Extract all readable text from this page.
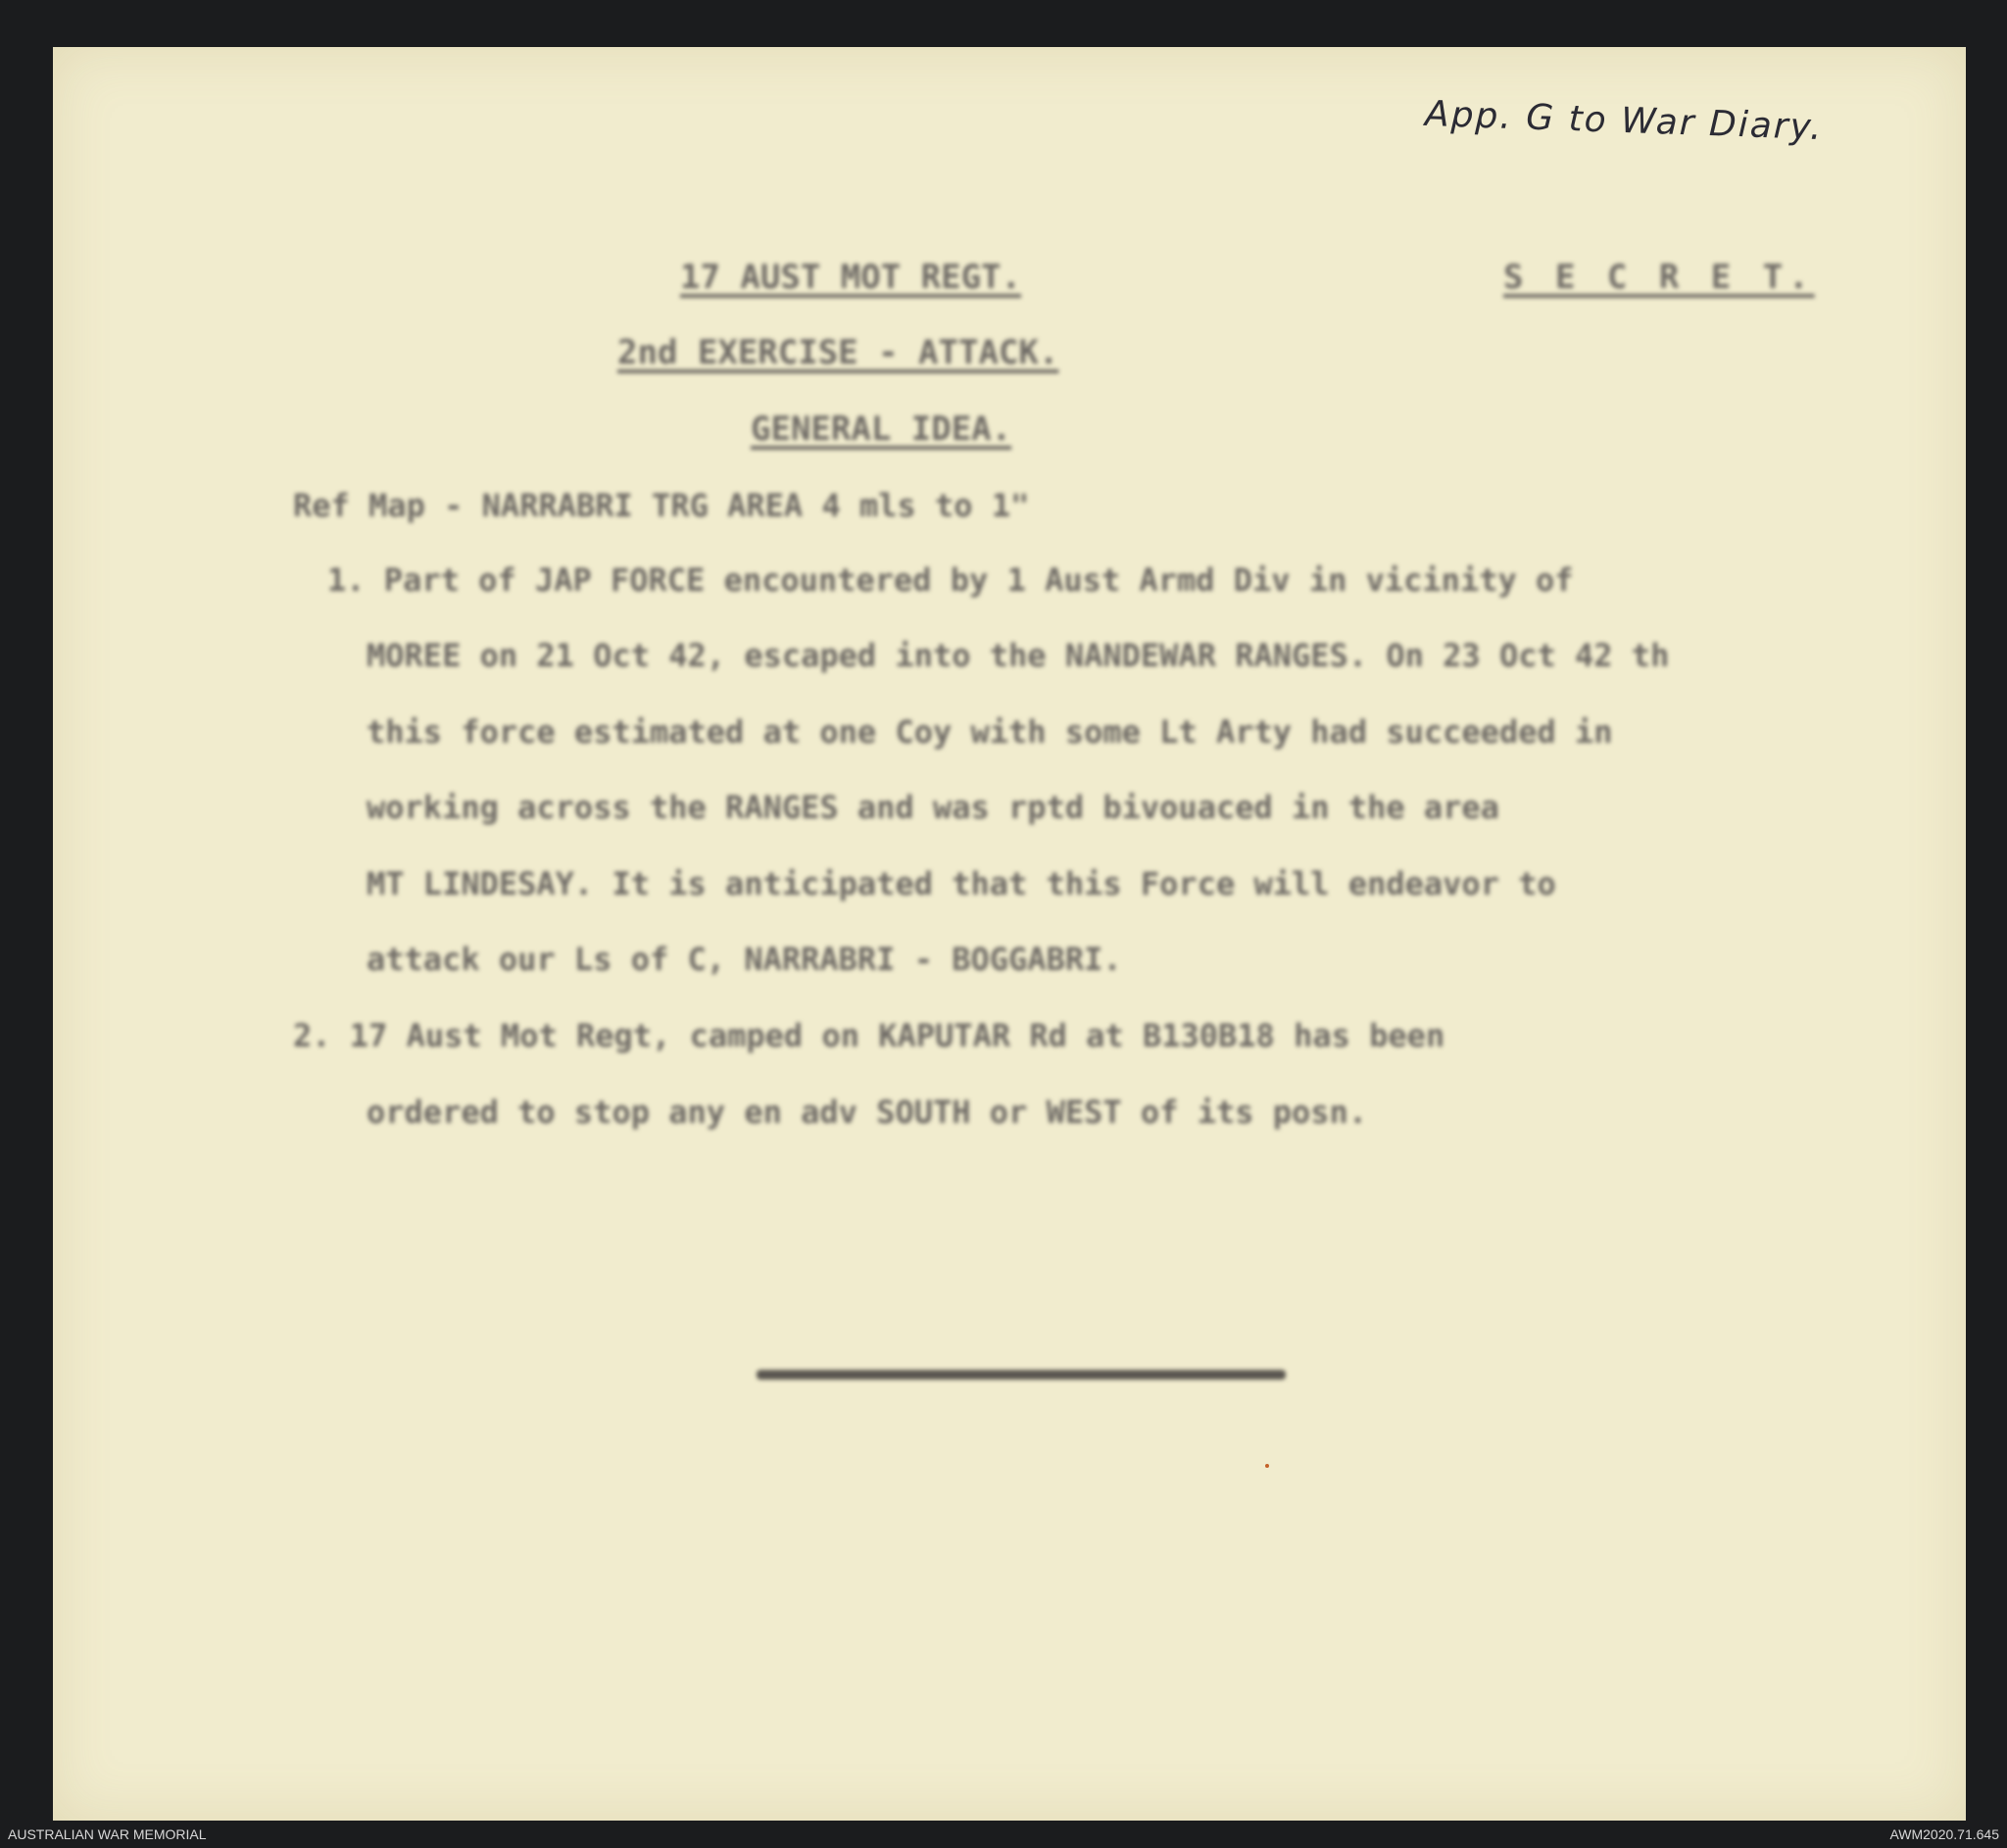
App. G to War Diary.
17 AUST MOT REGT.	S E C R E T.
2nd EXERCISE - ATTACK.
GENERAL IDEA.
Ref Map - NARRABRI TRG AREA 4 mls to 1"
1. Part of JAP FORCE encountered by 1 Aust Armd Div in vicinity of
MOREE on 21 Oct 42, escaped into the NANDEWAR RANGES. On 23 Oct 42 th
this force estimated at one Coy with some Lt Arty had succeeded in
working across the RANGES and was rptd bivouaced in the area
MT LINDESAY. It is anticipated that this Force will endeavor to
attack our Ls of C, NARRABRI - BOGGABRI.
2. 17 Aust Mot Regt, camped on KAPUTAR Rd at B130B18 has been
ordered to stop any en adv SOUTH or WEST of its posn.
AUSTRALIAN WAR MEMORIAL	AWM2020.71.645
